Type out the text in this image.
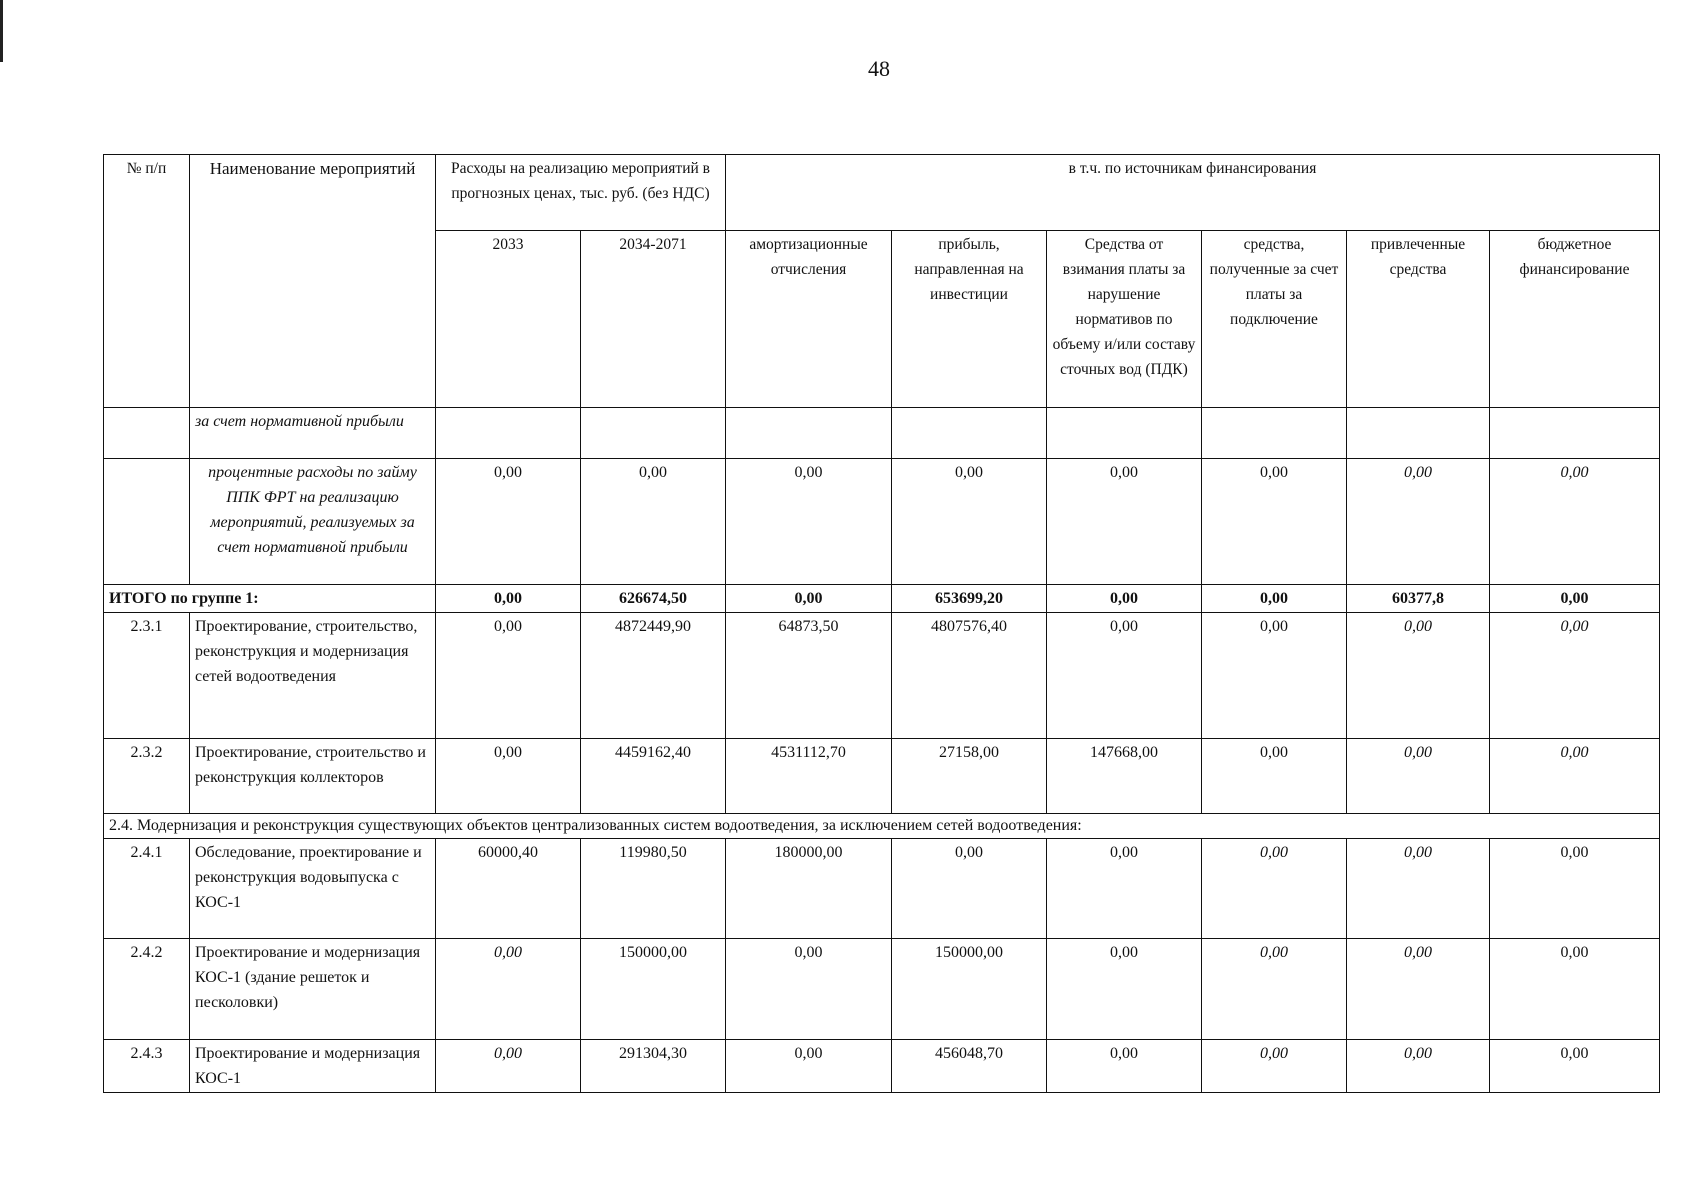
48
№ п/п	Наименование мероприятий	Расходы на реализацию мероприятий в прогнозных ценах, тыс. руб. (без НДС)		в т.ч. по источникам финансирования					
		2033	2034-2071	амортизационные отчисления	прибыль, направленная на инвестиции	Средства от взимания платы за нарушение нормативов по объему и/или составу сточных вод (ПДК)	средства, полученные за счет платы за подключение	привлеченные средства	бюджетное финансирование
	за счет нормативной прибыли								
	процентные расходы по займу ППК ФРТ на реализацию мероприятий, реализуемых за счет нормативной прибыли	0,00	0,00	0,00	0,00	0,00	0,00	0,00	0,00
ИТОГО по группе 1:		0,00	626674,50	0,00	653699,20	0,00	0,00	60377,8	0,00
2.3.1	Проектирование, строительство, реконструкция и модернизация сетей водоотведения	0,00	4872449,90	64873,50	4807576,40	0,00	0,00	0,00	0,00
2.3.2	Проектирование, строительство и реконструкция коллекторов	0,00	4459162,40	4531112,70	27158,00	147668,00	0,00	0,00	0,00
2.4. Модернизация и реконструкция существующих объектов централизованных систем водоотведения, за исключением сетей водоотведения:									
2.4.1	Обследование, проектирование и реконструкция водовыпуска с КОС-1	60000,40	119980,50	180000,00	0,00	0,00	0,00	0,00	0,00
2.4.2	Проектирование и модернизация КОС-1 (здание решеток и песколовки)	0,00	150000,00	0,00	150000,00	0,00	0,00	0,00	0,00
2.4.3	Проектирование и модернизация КОС-1	0,00	291304,30	0,00	456048,70	0,00	0,00	0,00	0,00
